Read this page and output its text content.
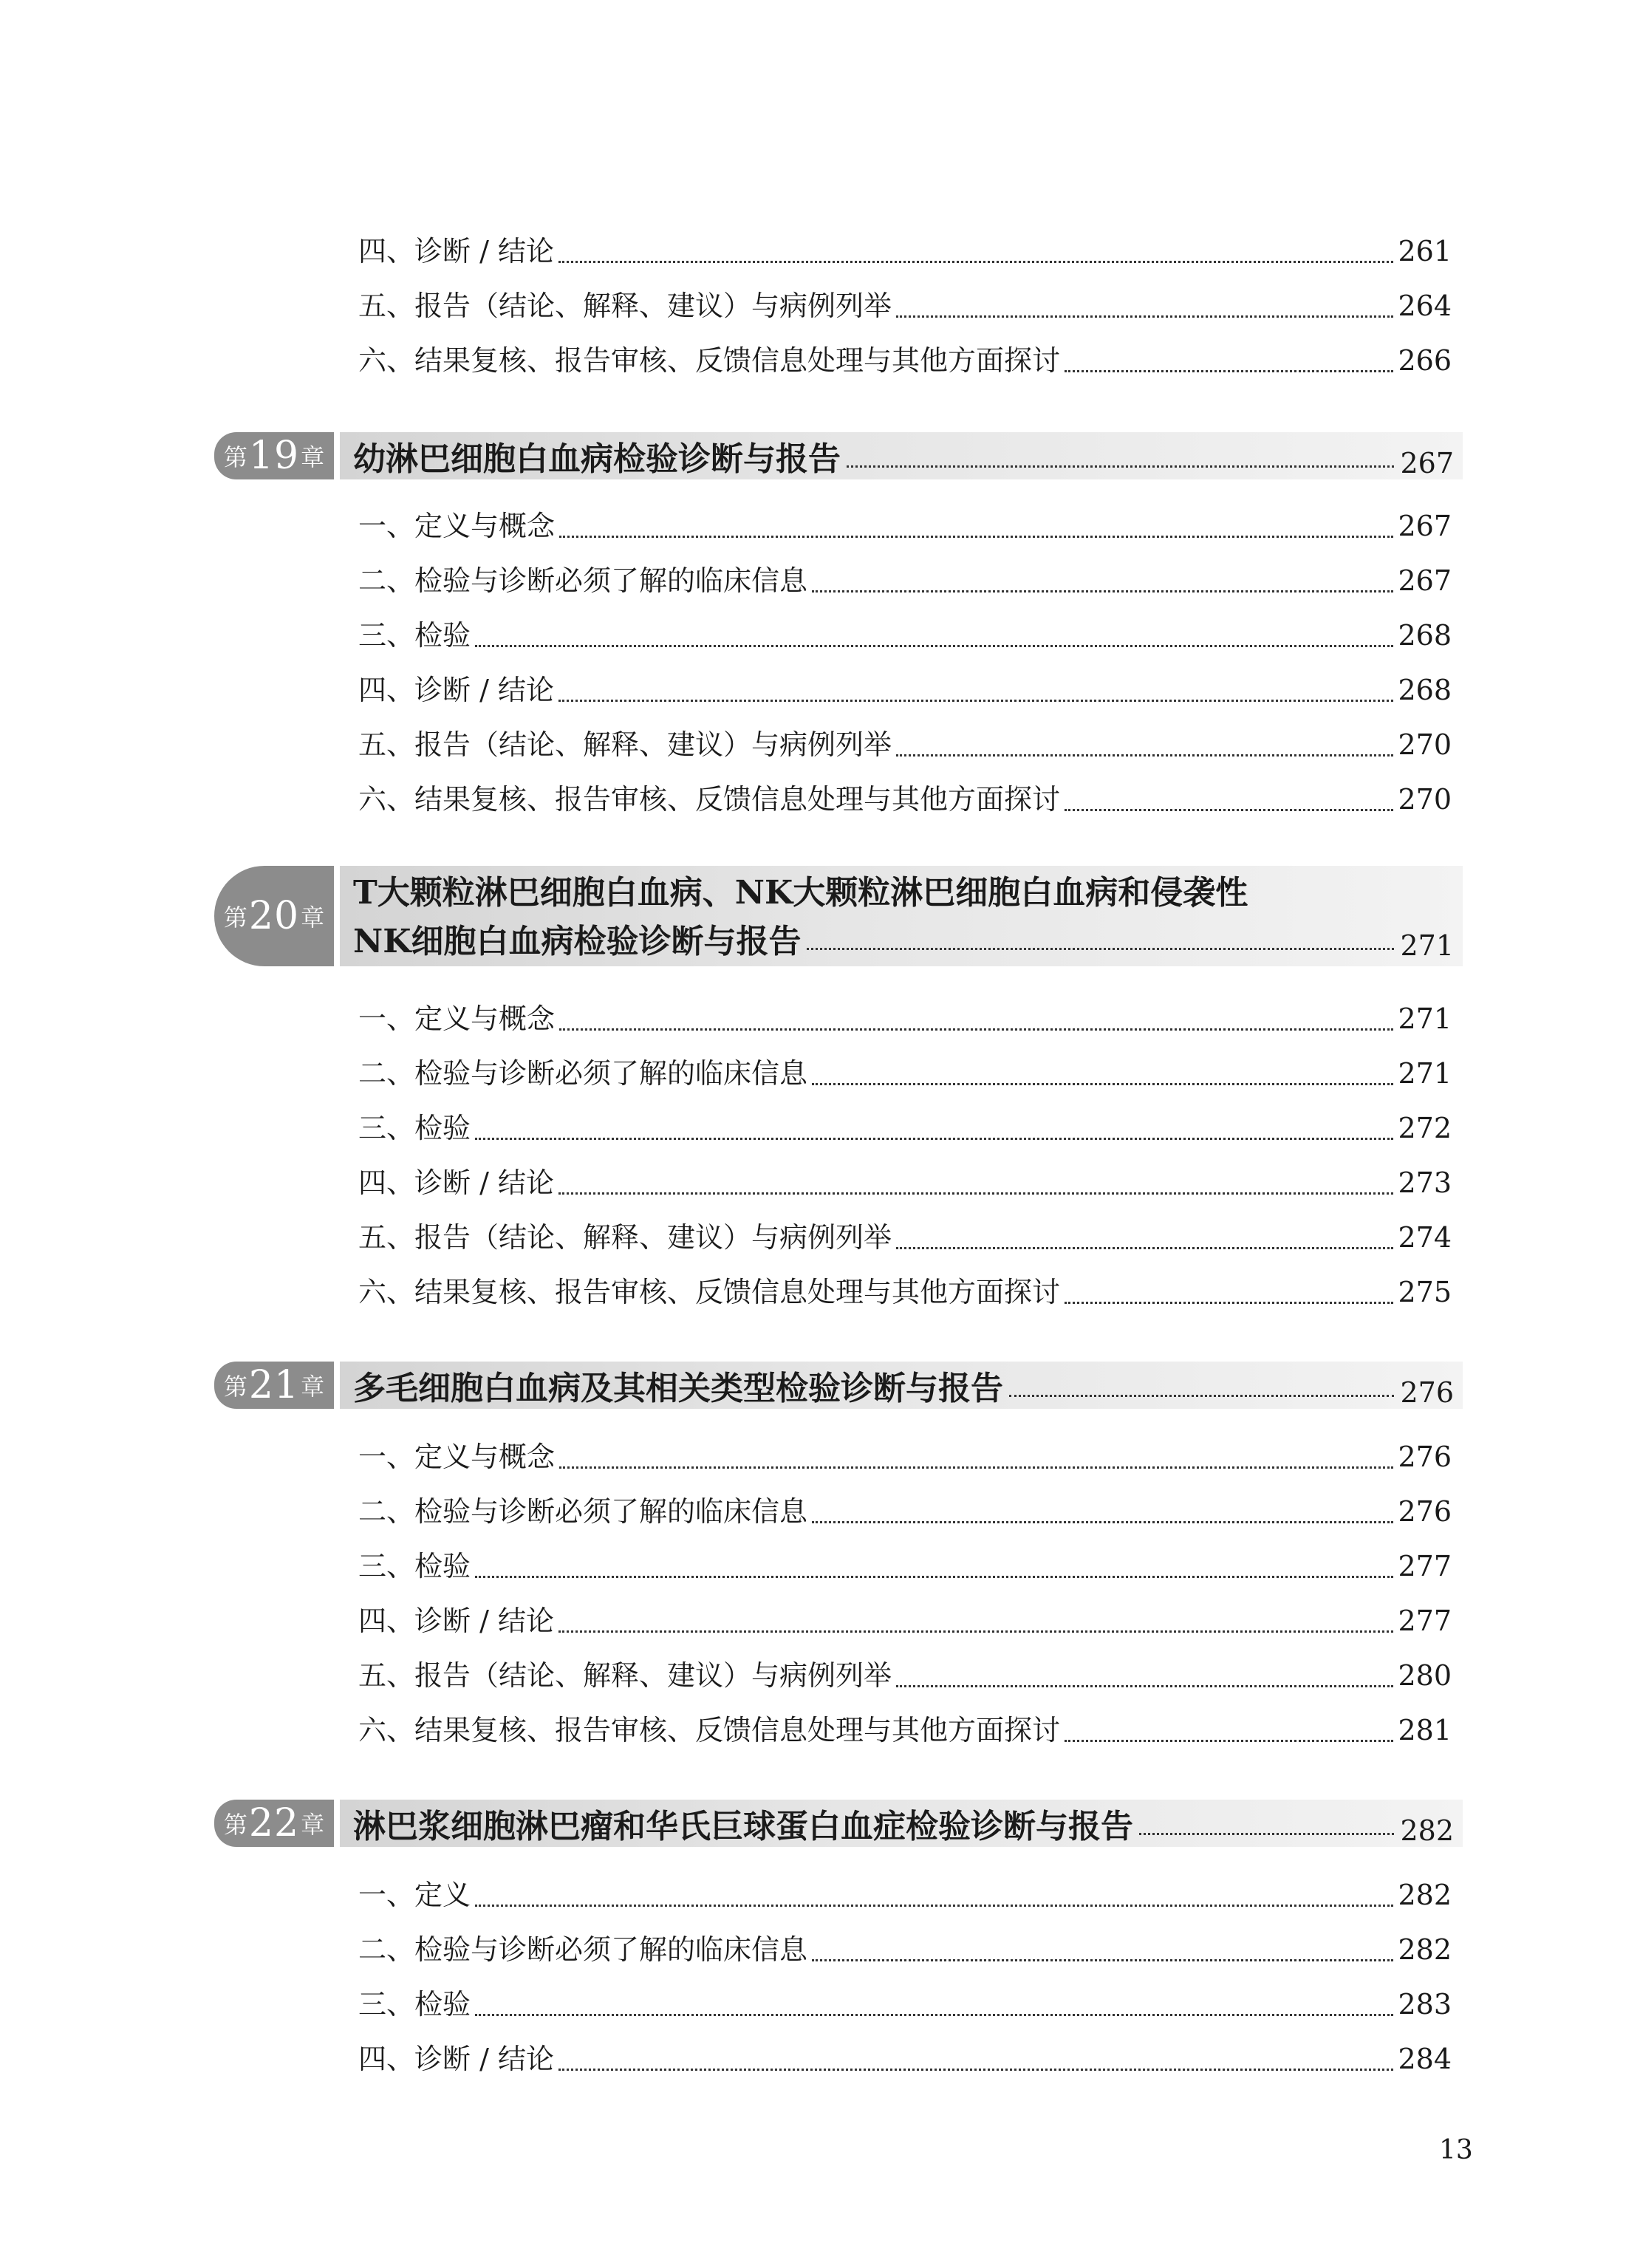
四、诊断 / 结论	261
五、报告（结论、解释、建议）与病例列举	264
六、结果复核、报告审核、反馈信息处理与其他方面探讨	266
第 19 章 幼淋巴细胞白血病检验诊断与报告	267
一、定义与概念	267
二、检验与诊断必须了解的临床信息	267
三、检验	268
四、诊断 / 结论	268
五、报告（结论、解释、建议）与病例列举	270
六、结果复核、报告审核、反馈信息处理与其他方面探讨	270
第 20 章
T大颗粒淋巴细胞白血病、NK大颗粒淋巴细胞白血病和侵袭性
NK细胞白血病检验诊断与报告	271
一、定义与概念	271
二、检验与诊断必须了解的临床信息	271
三、检验	272
四、诊断 / 结论	273
五、报告（结论、解释、建议）与病例列举	274
六、结果复核、报告审核、反馈信息处理与其他方面探讨	275
第 21 章 多毛细胞白血病及其相关类型检验诊断与报告	276
一、定义与概念	276
二、检验与诊断必须了解的临床信息	276
三、检验	277
四、诊断 / 结论	277
五、报告（结论、解释、建议）与病例列举	280
六、结果复核、报告审核、反馈信息处理与其他方面探讨	281
第 22 章 淋巴浆细胞淋巴瘤和华氏巨球蛋白血症检验诊断与报告	282
一、定义	282
二、检验与诊断必须了解的临床信息	282
三、检验	283
四、诊断 / 结论	284
13
